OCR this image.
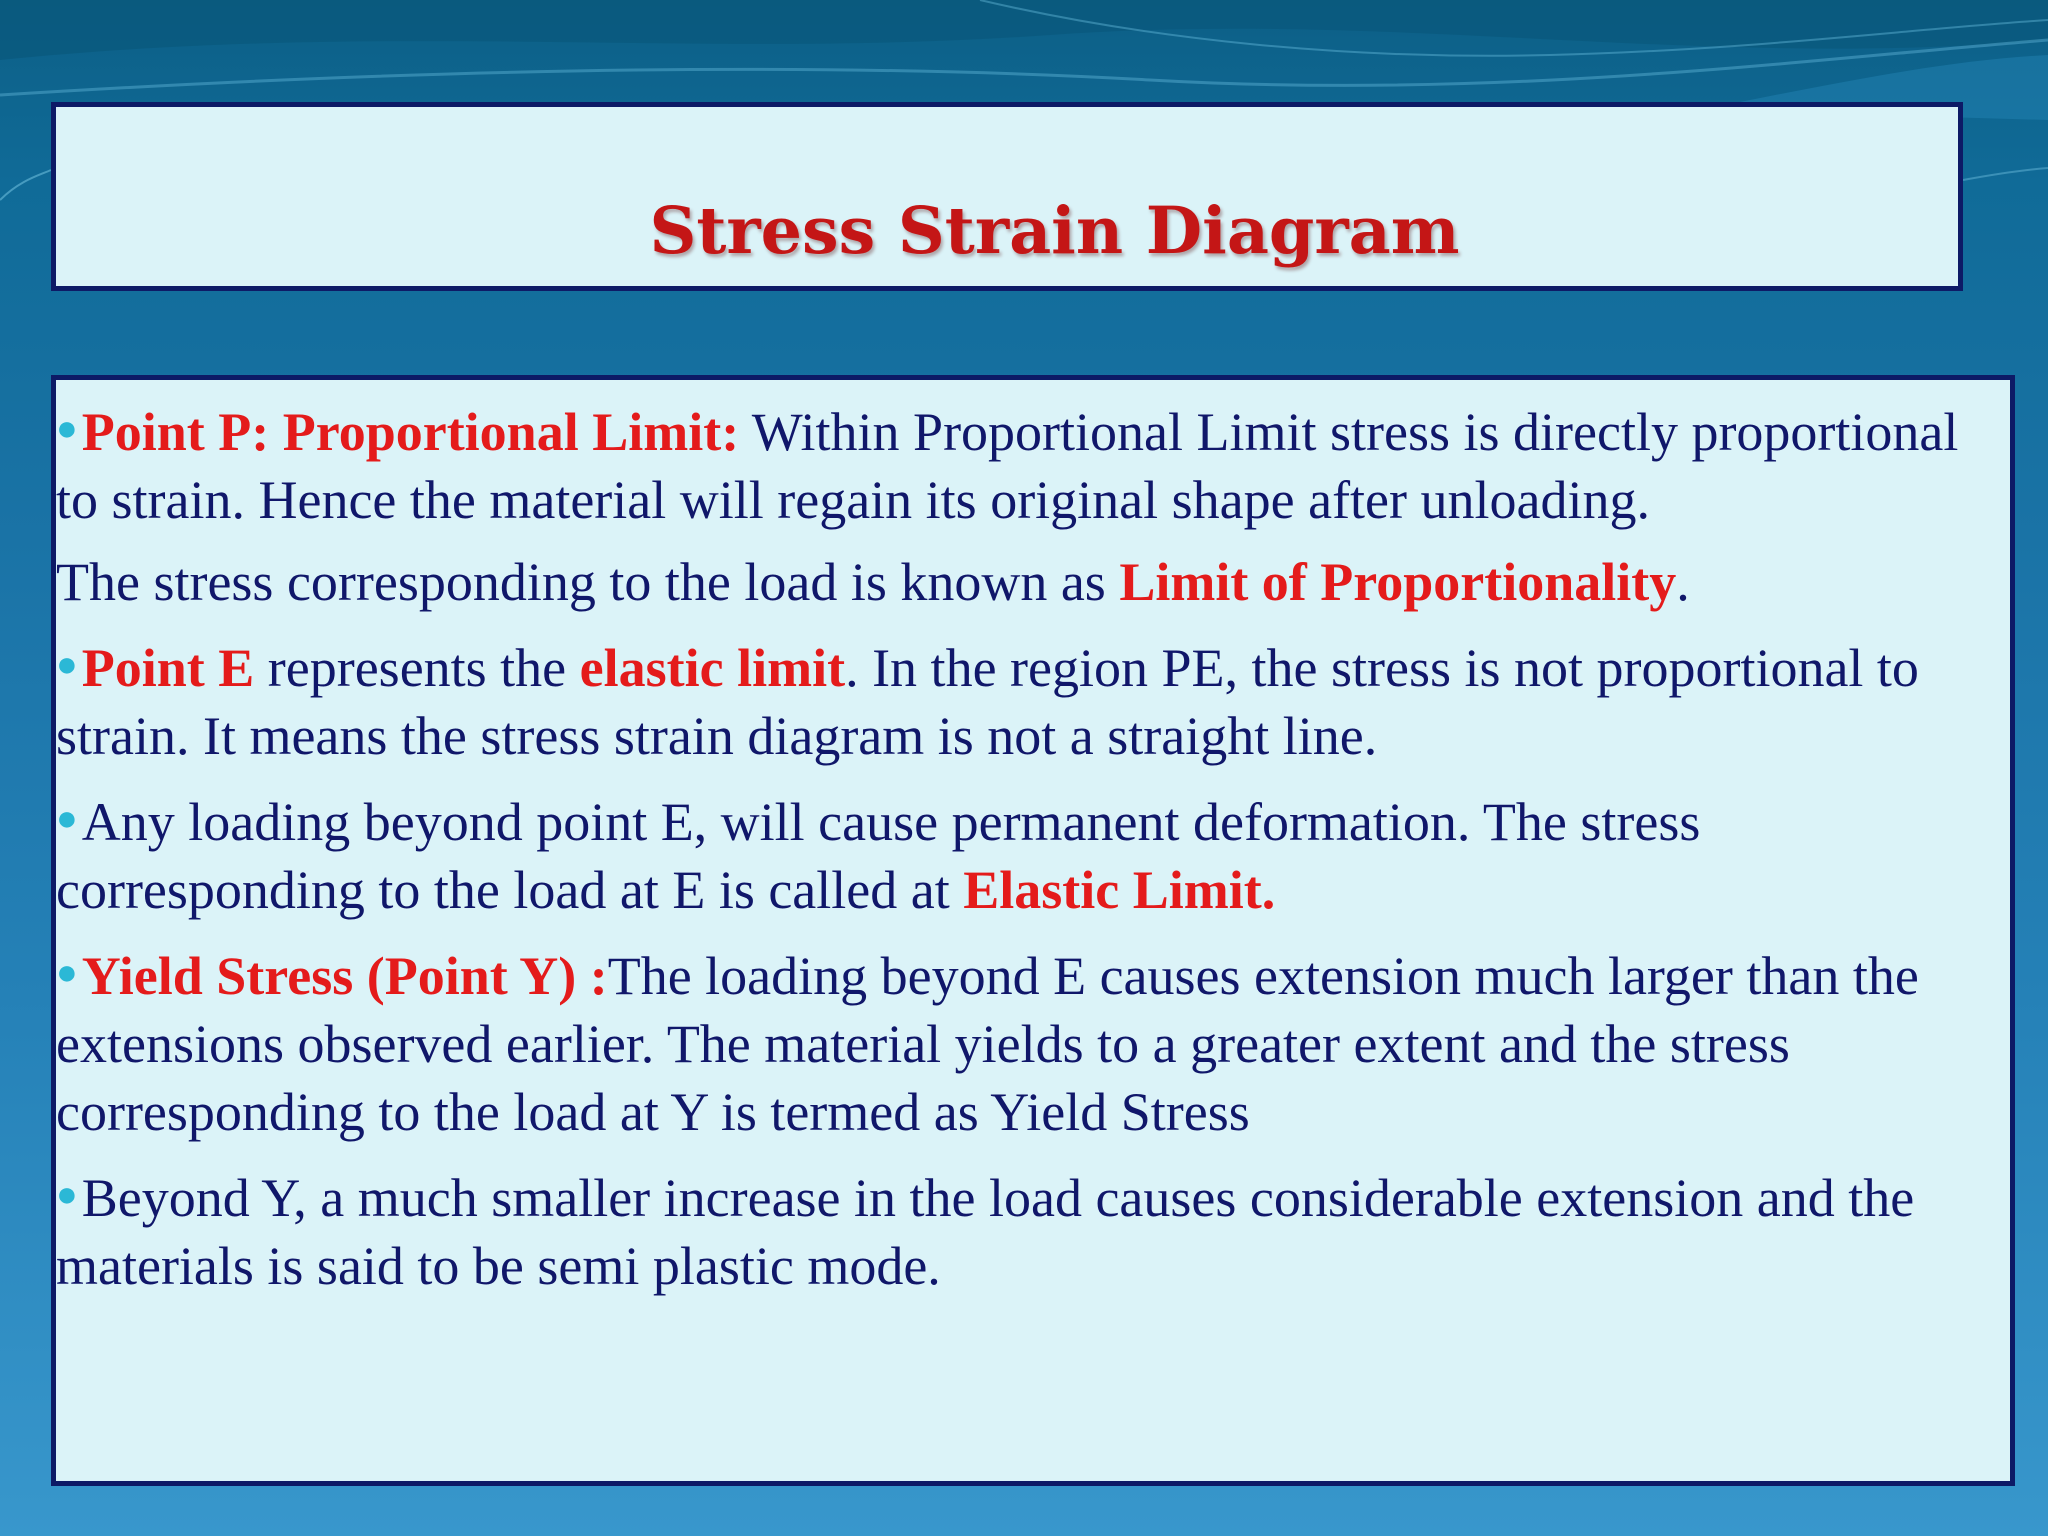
Stress Strain Diagram

●Point P: Proportional Limit: Within Proportional Limit stress is directly proportional to strain. Hence the material will regain its original shape after unloading.

The stress corresponding to the load is known as Limit of Proportionality.

●Point E represents the elastic limit. In the region PE, the stress is not proportional to strain. It means the stress strain diagram is not a straight line.

●Any loading beyond point E, will cause permanent deformation. The stress corresponding to the load at E is called at Elastic Limit.

●Yield Stress (Point Y) :The loading beyond E causes extension much larger than the extensions observed earlier. The material yields to a greater extent and the stress corresponding to the load at Y is termed as Yield Stress

●Beyond Y, a much smaller increase in the load causes considerable extension and the materials is said to be semi plastic mode.
